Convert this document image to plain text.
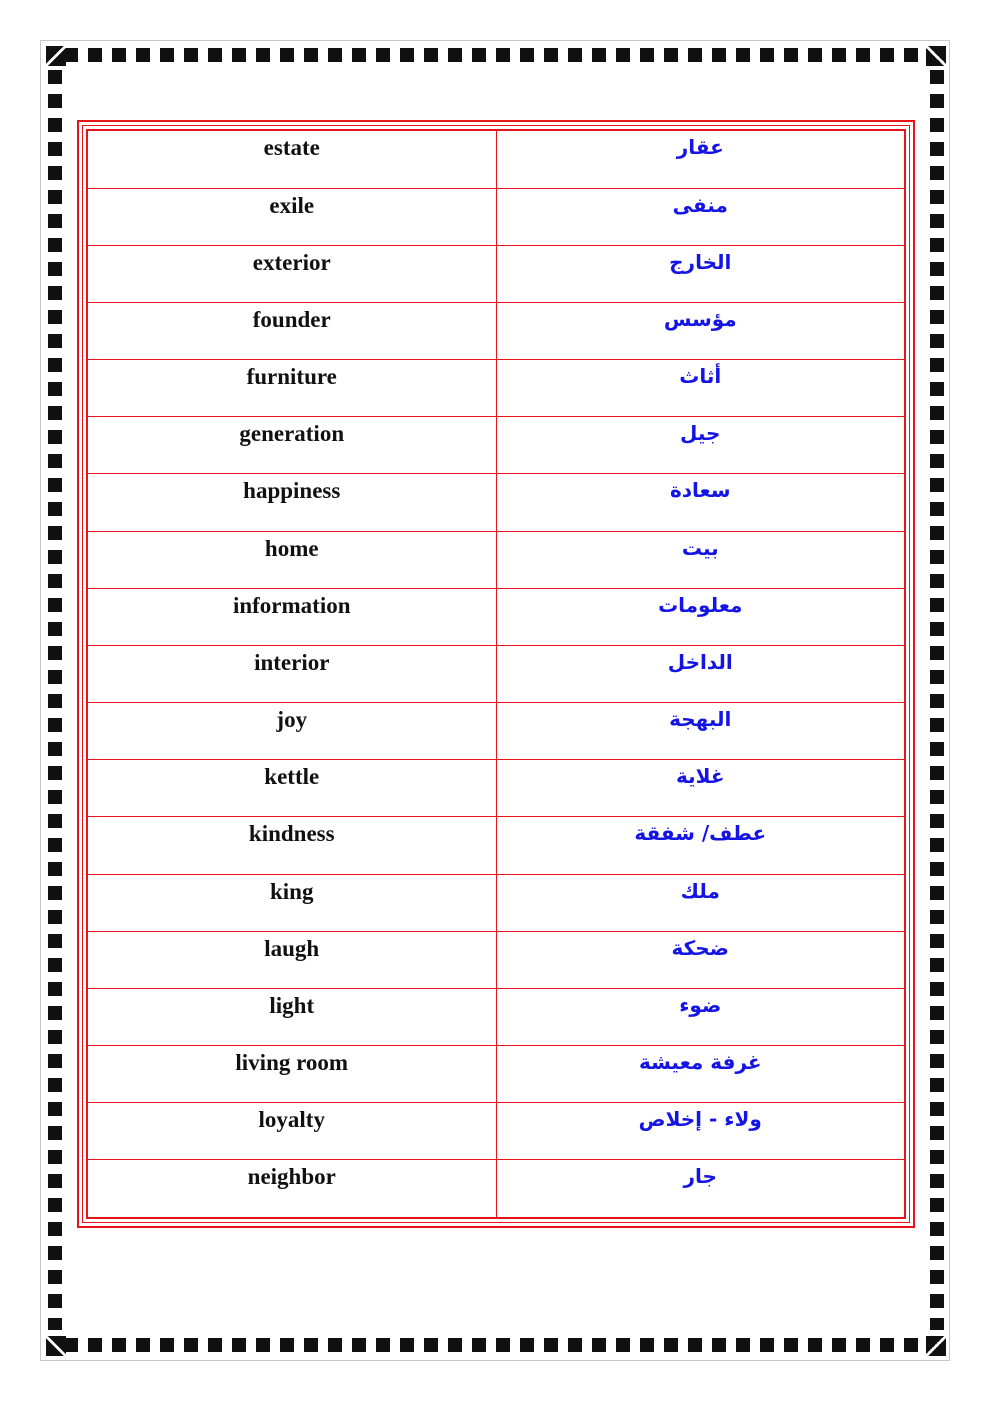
estate	عقار
exile	منفى
exterior	الخارج
founder	مؤسس
furniture	أثاث
generation	جيل
happiness	سعادة
home	بيت
information	معلومات
interior	الداخل
joy	البهجة
kettle	غلاية
kindness	عطف/ شفقة
king	ملك
laugh	ضحكة
light	ضوء
living room	غرفة معيشة
loyalty	ولاء - إخلاص
neighbor	جار
